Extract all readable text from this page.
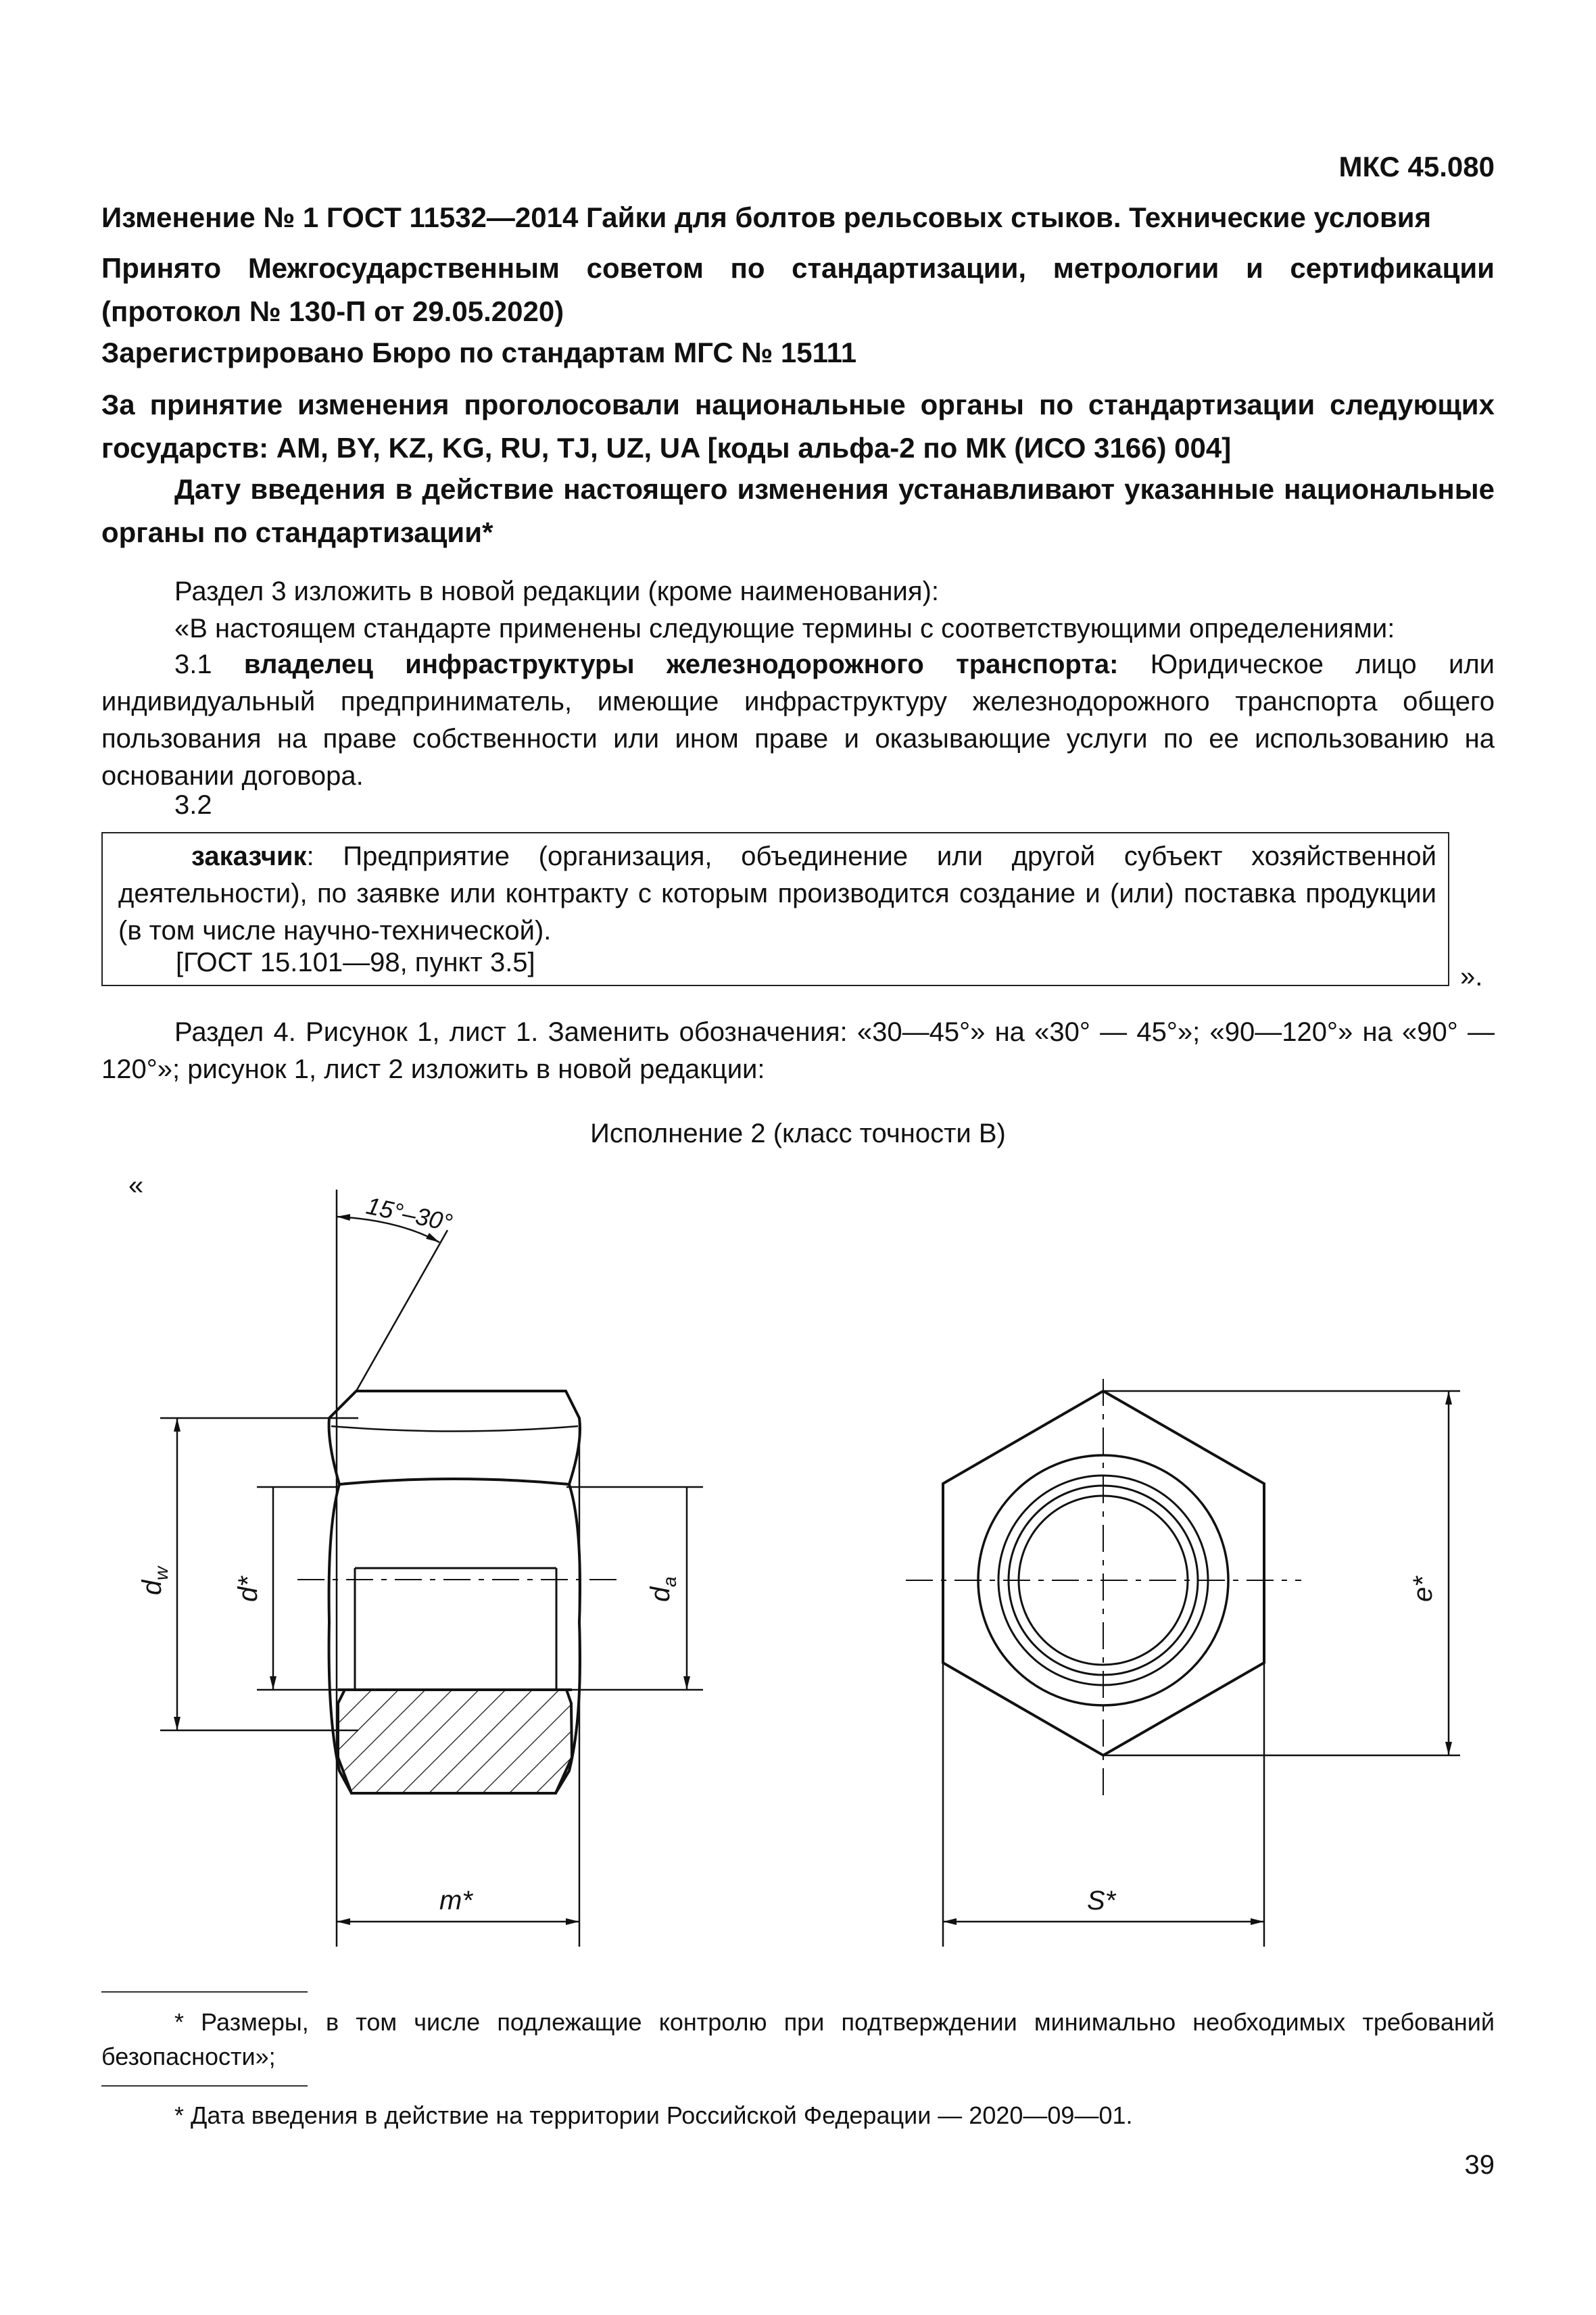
МКС 45.080
Изменение № 1 ГОСТ 11532—2014 Гайки для болтов рельсовых стыков. Технические условия
Принято Межгосударственным советом по стандартизации, метрологии и сертификации (протокол № 130-П от 29.05.2020)
Зарегистрировано Бюро по стандартам МГС № 15111
За принятие изменения проголосовали национальные органы по стандартизации следующих государств: AM, BY, KZ, KG, RU, TJ, UZ, UA [коды альфа-2 по МК (ИСО 3166) 004]
Дату введения в действие настоящего изменения устанавливают указанные национальные органы по стандартизации*
Раздел 3 изложить в новой редакции (кроме наименования):
«В настоящем стандарте применены следующие термины с соответствующими определениями:
3.1 владелец инфраструктуры железнодорожного транспорта: Юридическое лицо или индивидуальный предприниматель, имеющие инфраструктуру железнодорожного транспорта общего пользования на праве собственности или ином праве и оказывающие услуги по ее использованию на основании договора.
3.2
заказчик: Предприятие (организация, объединение или другой субъект хозяйственной деятельности), по заявке или контракту с которым производится создание и (или) поставка продукции (в том числе научно-технической).
[ГОСТ 15.101—98, пункт 3.5]	».
Раздел 4. Рисунок 1, лист 1. Заменить обозначения: «30—45°» на «30° — 45°»; «90—120°» на «90° — 120°»; рисунок 1, лист 2 изложить в новой редакции:
Исполнение 2 (класс точности В)
«
15°–30°
d
w
d*	d
a	e*
m*	S*
* Размеры, в том числе подлежащие контролю при подтверждении минимально необходимых требований безопасности»;
* Дата введения в действие на территории Российской Федерации — 2020—09—01.
39
